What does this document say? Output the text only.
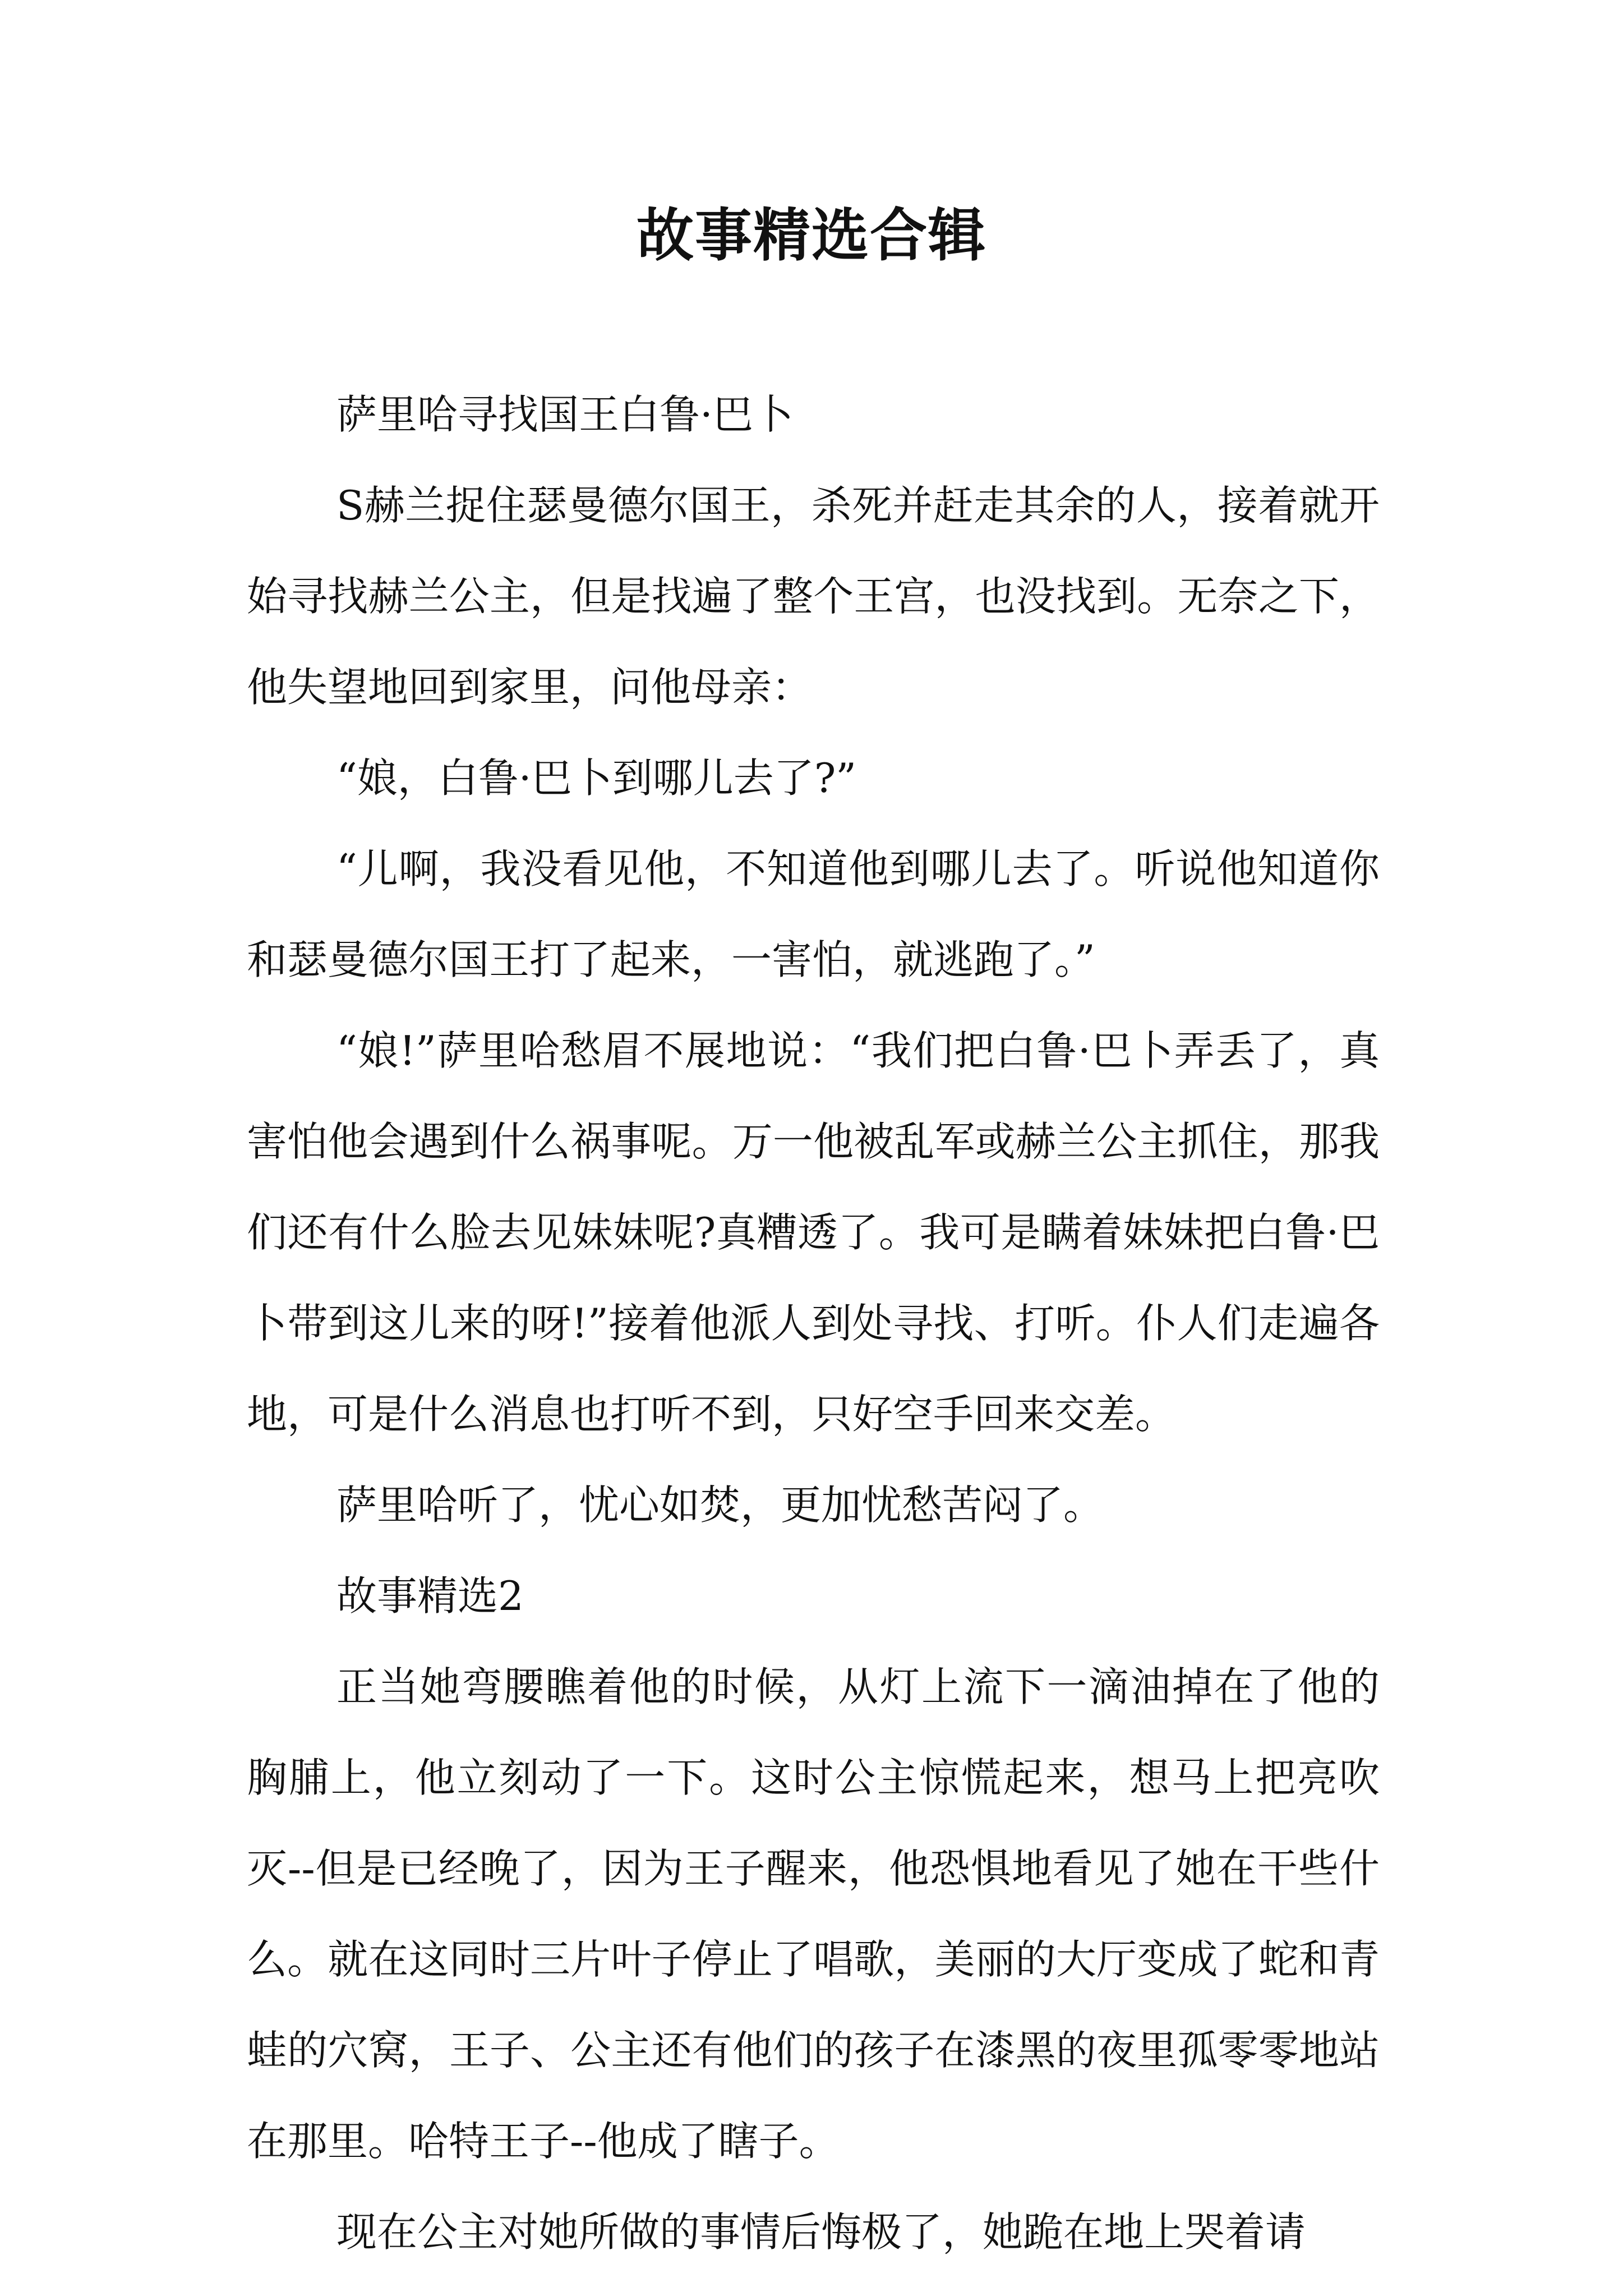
故事精选合辑

萨里哈寻找国王白鲁·巴卜

S赫兰捉住瑟曼德尔国王，杀死并赶走其余的人，接着就开始寻找赫兰公主，但是找遍了整个王宫，也没找到。无奈之下，他失望地回到家里，问他母亲：

“娘，白鲁·巴卜到哪儿去了?”

“儿啊，我没看见他，不知道他到哪儿去了。听说他知道你和瑟曼德尔国王打了起来，一害怕，就逃跑了。”

“娘!”萨里哈愁眉不展地说：“我们把白鲁·巴卜弄丢了，真害怕他会遇到什么祸事呢。万一他被乱军或赫兰公主抓住，那我们还有什么脸去见妹妹呢?真糟透了。我可是瞒着妹妹把白鲁·巴卜带到这儿来的呀!”接着他派人到处寻找、打听。仆人们走遍各地，可是什么消息也打听不到，只好空手回来交差。

萨里哈听了，忧心如焚，更加忧愁苦闷了。

故事精选2

正当她弯腰瞧着他的时候，从灯上流下一滴油掉在了他的胸脯上，他立刻动了一下。这时公主惊慌起来，想马上把亮吹灭--但是已经晚了，因为王子醒来，他恐惧地看见了她在干些什么。就在这同时三片叶子停止了唱歌，美丽的大厅变成了蛇和青蛙的穴窝，王子、公主还有他们的孩子在漆黑的夜里孤零零地站在那里。哈特王子--他成了瞎子。

现在公主对她所做的事情后悔极了，她跪在地上哭着请
